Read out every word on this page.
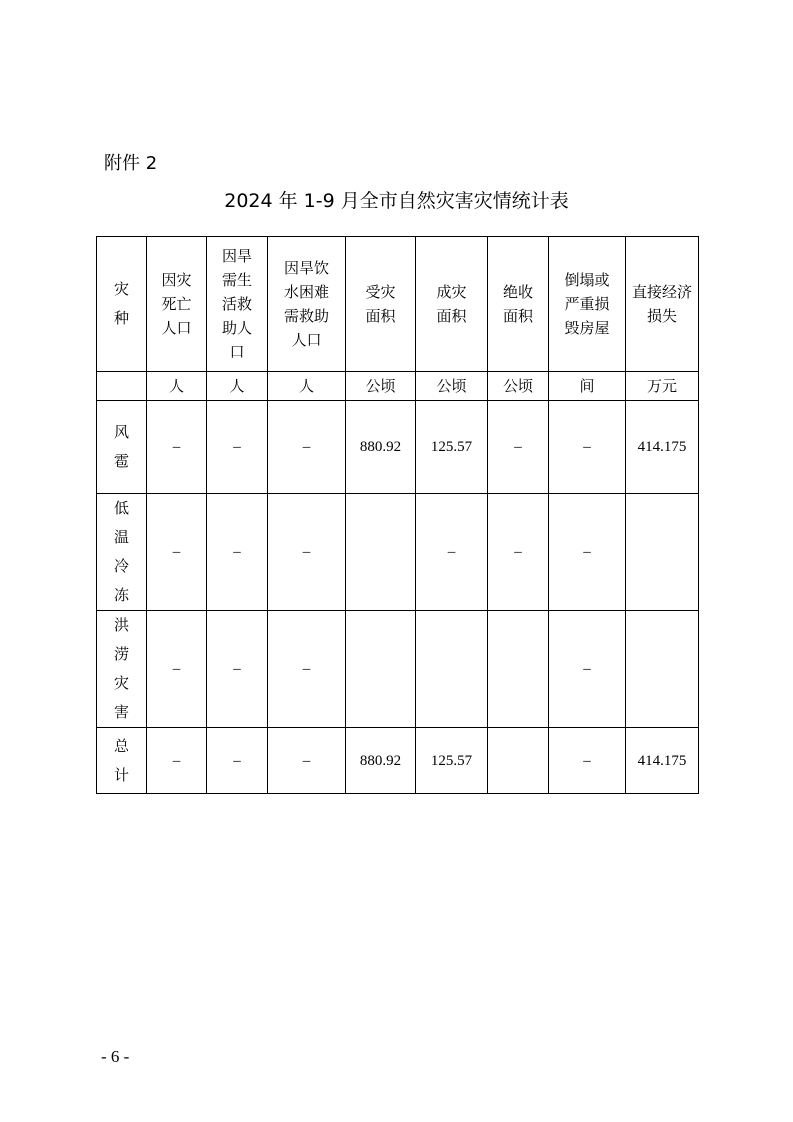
附件 2
2024 年 1-9 月全市自然灾害灾情统计表
灾种	因灾死亡人口	因旱需生活救助人口	因旱饮水困难需救助人口	受灾面积	成灾面积	绝收面积	倒塌或严重损毁房屋	直接经济损失
	人	人	人	公顷	公顷	公顷	间	万元
风雹	–	–	–	880.92	125.57	–	–	414.175
低温冷冻	–	–	–		–	–	–	
洪涝灾害	–	–	–				–	
总计	–	–	–	880.92	125.57		–	414.175
- 6 -
